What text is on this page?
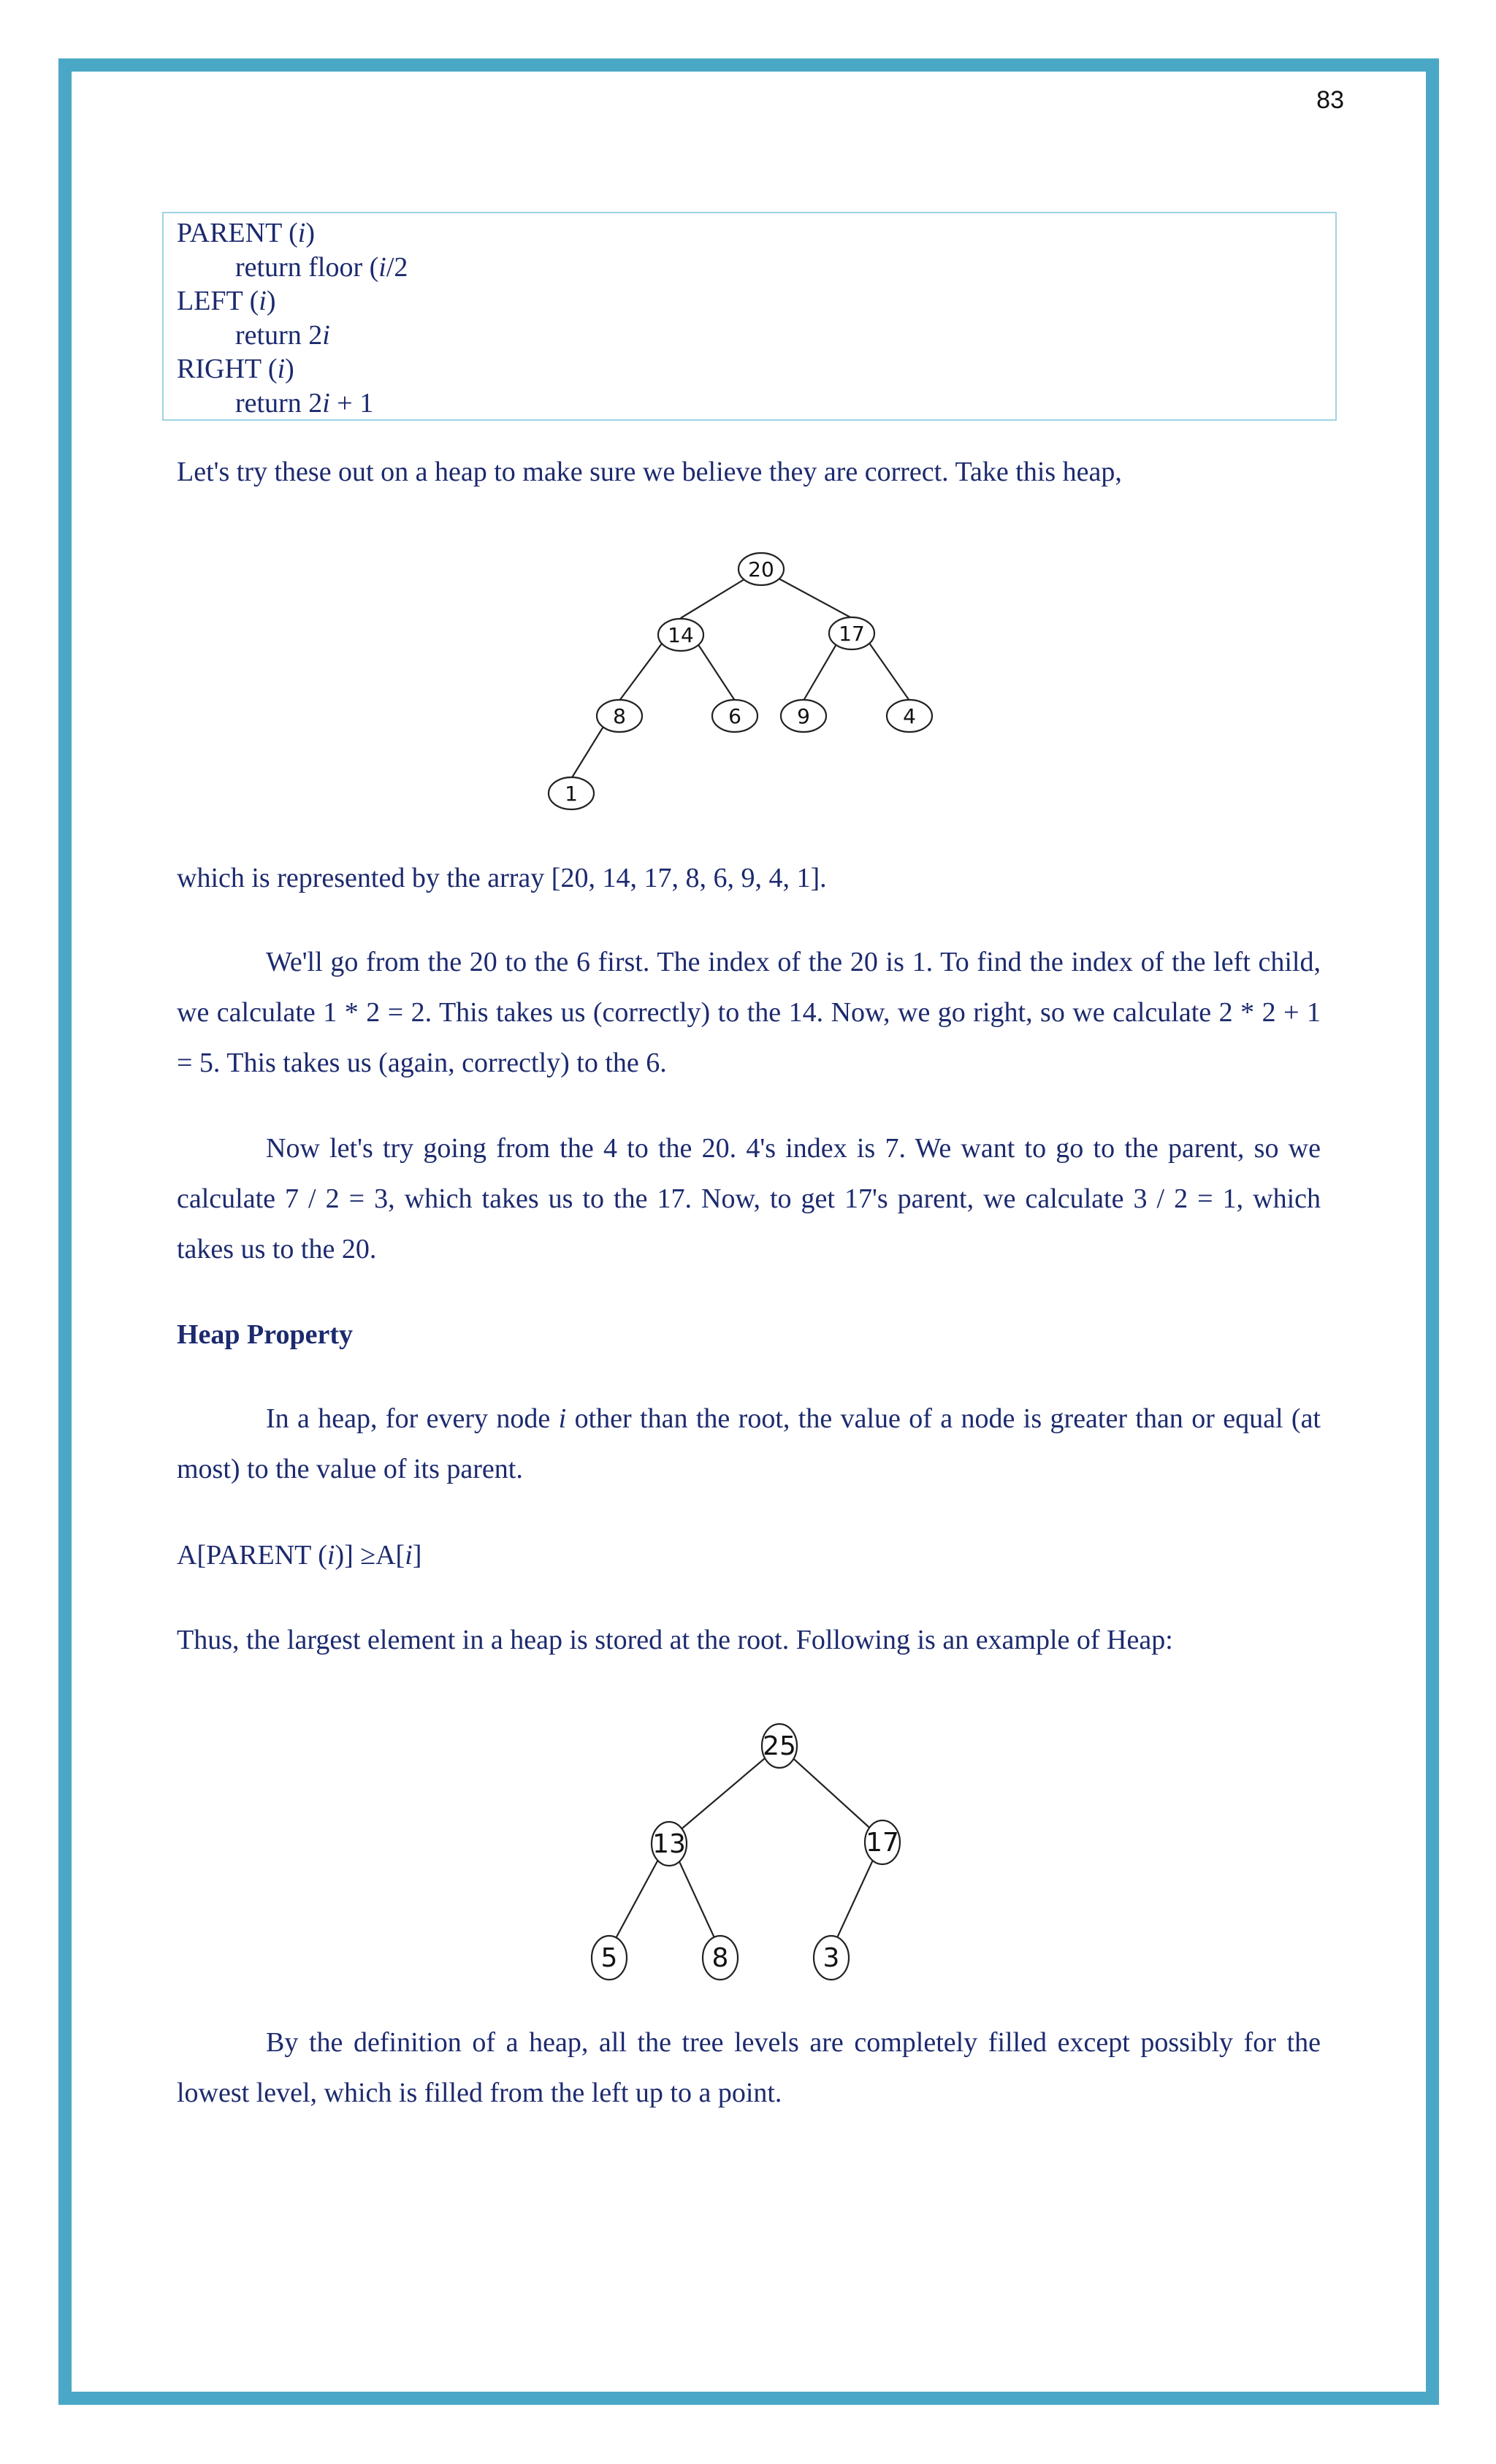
83
PARENT (i)
return floor (i/2
LEFT (i)
return 2i
RIGHT (i)
return 2i + 1
Let's try these out on a heap to make sure we believe they are correct. Take this heap,
20
14	17
8	6	9	4
1
which is represented by the array [20, 14, 17, 8, 6, 9, 4, 1].
We'll go from the 20 to the 6 first. The index of the 20 is 1. To find the index of the left child, we calculate 1 * 2 = 2. This takes us (correctly) to the 14. Now, we go right, so we calculate 2 * 2 + 1 = 5. This takes us (again, correctly) to the 6.
Now let's try going from the 4 to the 20. 4's index is 7. We want to go to the parent, so we calculate 7 / 2 = 3, which takes us to the 17. Now, to get 17's parent, we calculate 3 / 2 = 1, which takes us to the 20.
Heap Property
In a heap, for every node i other than the root, the value of a node is greater than or equal (at most) to the value of its parent.
A[PARENT (i)] ≥A[i]
Thus, the largest element in a heap is stored at the root. Following is an example of Heap:
25
13	17
5	8	3
By the definition of a heap, all the tree levels are completely filled except possibly for the lowest level, which is filled from the left up to a point.
